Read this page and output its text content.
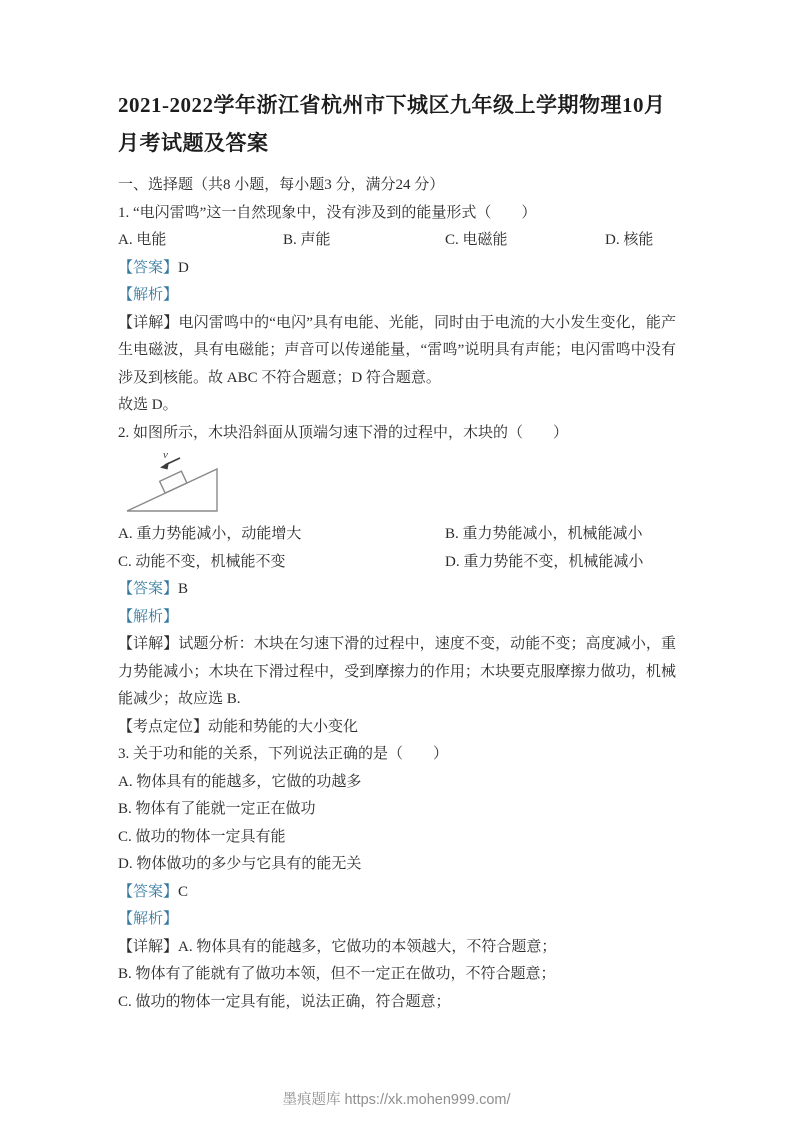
2021-2022学年浙江省杭州市下城区九年级上学期物理10月月考试题及答案
一、选择题（共8 小题，每小题3 分，满分24 分）
1. “电闪雷鸣”这一自然现象中，没有涉及到的能量形式（　　）
A. 电能	B. 声能	C. 电磁能	D. 核能
【答案】D
【解析】

【详解】电闪雷鸣中的“电闪”具有电能、光能，同时由于电流的大小发生变化，能产生电磁波，具有电磁能；声音可以传递能量，“雷鸣”说明具有声能；电闪雷鸣中没有涉及到核能。故 ABC 不符合题意；D 符合题意。

故选 D。
2. 如图所示，木块沿斜面从顶端匀速下滑的过程中，木块的（　　）
v
A. 重力势能减小，动能增大	B. 重力势能减小，机械能减小
C. 动能不变，机械能不变	D. 重力势能不变，机械能减小
【答案】B
【解析】

【详解】试题分析：木块在匀速下滑的过程中，速度不变，动能不变；高度减小，重力势能减小；木块在下滑过程中，受到摩擦力的作用；木块要克服摩擦力做功，机械能减少；故应选 B.

【考点定位】动能和势能的大小变化
3. 关于功和能的关系，下列说法正确的是（　　）
A. 物体具有的能越多，它做的功越多
B. 物体有了能就一定正在做功
C. 做功的物体一定具有能
D. 物体做功的多少与它具有的能无关
【答案】C
【解析】
【详解】A. 物体具有的能越多，它做功的本领越大，不符合题意；
B. 物体有了能就有了做功本领，但不一定正在做功，不符合题意；
C. 做功的物体一定具有能，说法正确，符合题意；
墨痕题库 https://xk.mohen999.com/
